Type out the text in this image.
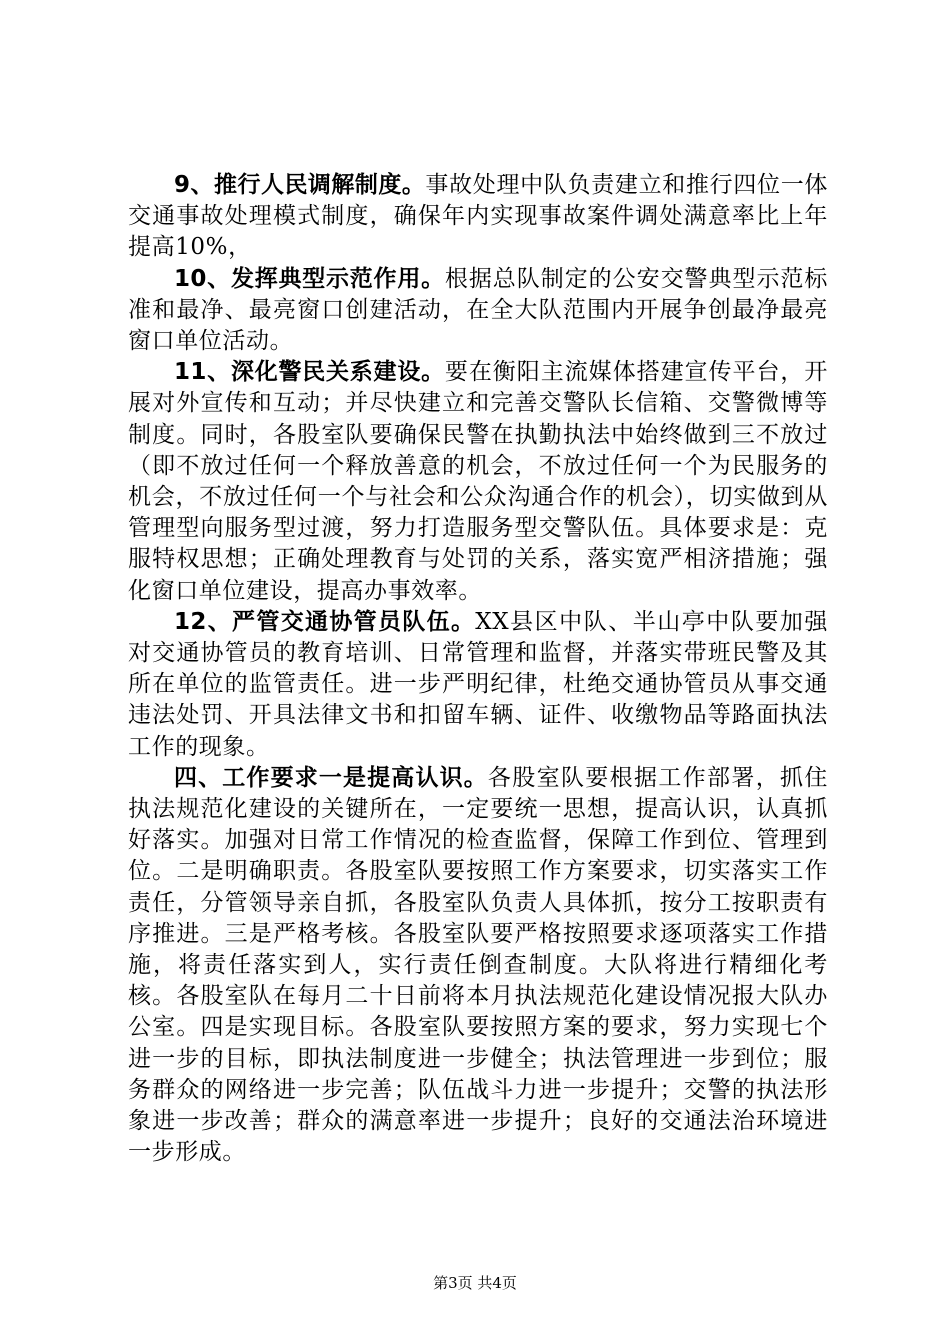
9、推行人民调解制度。事故处理中队负责建立和推行四位一体交通事故处理模式制度，确保年内实现事故案件调处满意率比上年提高10%，

10、发挥典型示范作用。根据总队制定的公安交警典型示范标准和最净、最亮窗口创建活动，在全大队范围内开展争创最净最亮窗口单位活动。

11、深化警民关系建设。要在衡阳主流媒体搭建宣传平台，开展对外宣传和互动；并尽快建立和完善交警队长信箱、交警微博等制度。同时，各股室队要确保民警在执勤执法中始终做到三不放过（即不放过任何一个释放善意的机会，不放过任何一个为民服务的机会，不放过任何一个与社会和公众沟通合作的机会），切实做到从管理型向服务型过渡，努力打造服务型交警队伍。具体要求是：克服特权思想；正确处理教育与处罚的关系，落实宽严相济措施；强化窗口单位建设，提高办事效率。

12、严管交通协管员队伍。XX县区中队、半山亭中队要加强对交通协管员的教育培训、日常管理和监督，并落实带班民警及其所在单位的监管责任。进一步严明纪律，杜绝交通协管员从事交通违法处罚、开具法律文书和扣留车辆、证件、收缴物品等路面执法工作的现象。

四、工作要求一是提高认识。各股室队要根据工作部署，抓住执法规范化建设的关键所在，一定要统一思想，提高认识，认真抓好落实。加强对日常工作情况的检查监督，保障工作到位、管理到位。二是明确职责。各股室队要按照工作方案要求，切实落实工作责任，分管领导亲自抓，各股室队负责人具体抓，按分工按职责有序推进。三是严格考核。各股室队要严格按照要求逐项落实工作措施，将责任落实到人，实行责任倒查制度。大队将进行精细化考核。各股室队在每月二十日前将本月执法规范化建设情况报大队办公室。四是实现目标。各股室队要按照方案的要求，努力实现七个进一步的目标，即执法制度进一步健全；执法管理进一步到位；服务群众的网络进一步完善；队伍战斗力进一步提升；交警的执法形象进一步改善；群众的满意率进一步提升；良好的交通法治环境进一步形成。

第3页 共4页
